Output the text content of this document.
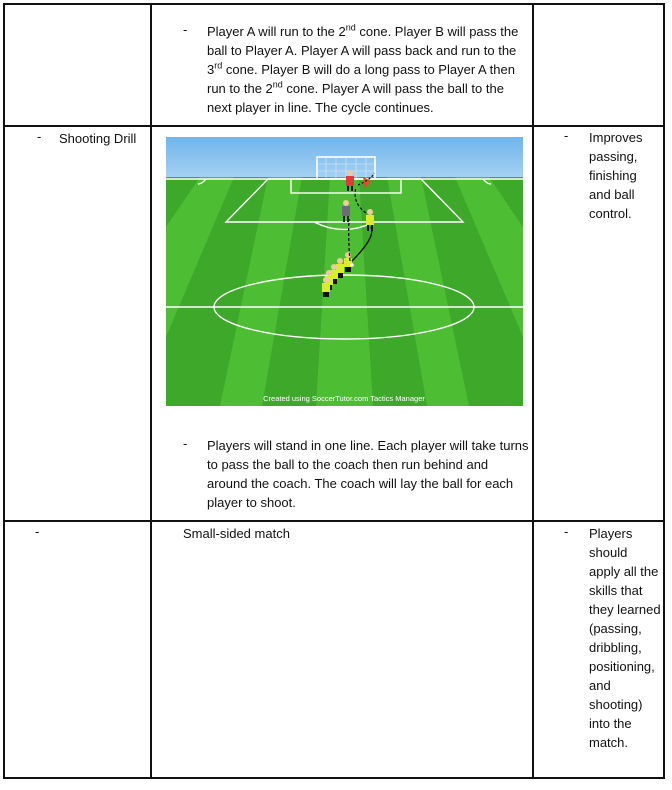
- Player A will run to the 2nd cone. Player B will pass the ball to Player A. Player A will pass back and run to the 3rd cone. Player B will do a long pass to Player A then run to the 2nd cone. Player A will pass the ball to the next player in line. The cycle continues.
- Shooting Drill
Created using SoccerTutor.com Tactics Manager
- Players will stand in one line. Each player will take turns to pass the ball to the coach then run behind and around the coach. The coach will lay the ball for each player to shoot.
- Improves passing, finishing and ball control.
-	Small-sided match	- Players should apply all the skills that they learned (passing, dribbling, positioning, and shooting) into the match.
